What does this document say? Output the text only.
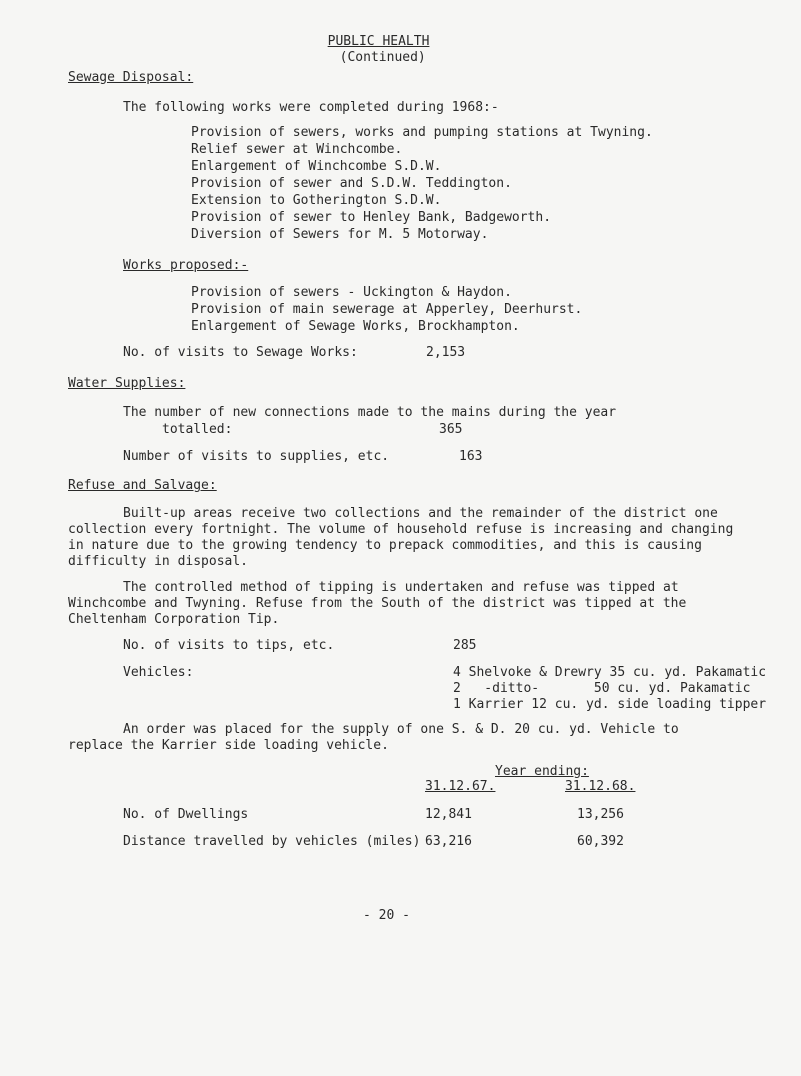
PUBLIC HEALTH
(Continued)

Sewage Disposal:
The following works were completed during 1968:-
Provision of sewers, works and pumping stations at Twyning.
Relief sewer at Winchcombe.
Enlargement of Winchcombe S.D.W.
Provision of sewer and S.D.W. Teddington.
Extension to Gotherington S.D.W.
Provision of sewer to Henley Bank, Badgeworth.
Diversion of Sewers for M. 5 Motorway.
Works proposed:-
Provision of sewers - Uckington & Haydon.
Provision of main sewerage at Apperley, Deerhurst.
Enlargement of Sewage Works, Brockhampton.
No. of visits to Sewage Works:	2,153
Water Supplies:
The number of new connections made to the mains during the year
totalled:	365
Number of visits to supplies, etc.	163
Refuse and Salvage:
Built-up areas receive two collections and the remainder of the district one
collection every fortnight. The volume of household refuse is increasing and changing
in nature due to the growing tendency to prepack commodities, and this is causing
difficulty in disposal.
The controlled method of tipping is undertaken and refuse was tipped at
Winchcombe and Twyning. Refuse from the South of the district was tipped at the
Cheltenham Corporation Tip.
No. of visits to tips, etc.	285
Vehicles:	4 Shelvoke & Drewry 35 cu. yd. Pakamatic
2   -ditto-       50 cu. yd. Pakamatic
1 Karrier 12 cu. yd. side loading tipper
An order was placed for the supply of one S. & D. 20 cu. yd. Vehicle to
replace the Karrier side loading vehicle.
Year ending:
31.12.67.	31.12.68.
No. of Dwellings	12,841	13,256
Distance travelled by vehicles (miles) 63,216	60,392
- 20 -
